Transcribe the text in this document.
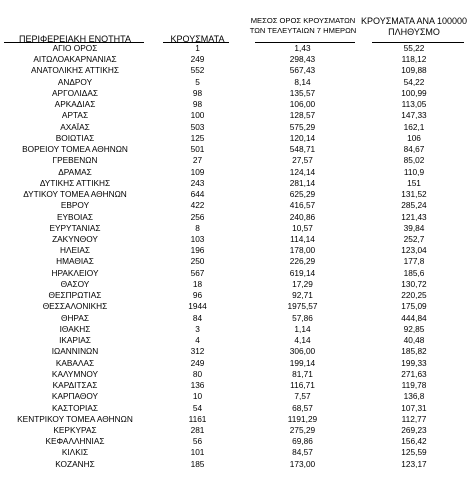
ΠΕΡΙΦΕΡΕΙΑΚΗ ΕΝΟΤΗΤΑ	ΚΡΟΥΣΜΑΤΑ
ΜΕΣΟΣ ΟΡΟΣ ΚΡΟΥΣΜΑΤΩΝ
ΤΩΝ ΤΕΛΕΥΤΑΙΩΝ 7 ΗΜΕΡΩΝ
ΚΡΟΥΣΜΑΤΑ ΑΝΑ 100000
ΠΛΗΘΥΣΜΟ
ΑΓΙΟ ΟΡΟΣ	1	1,43	55,22
ΑΙΤΩΛΟΑΚΑΡΝΑΝΙΑΣ	249	298,43	118,12
ΑΝΑΤΟΛΙΚΗΣ ΑΤΤΙΚΗΣ	552	567,43	109,88
ΑΝΔΡΟΥ	5	8,14	54,22
ΑΡΓΟΛΙΔΑΣ	98	135,57	100,99
ΑΡΚΑΔΙΑΣ	98	106,00	113,05
ΑΡΤΑΣ	100	128,57	147,33
ΑΧΑΪΑΣ	503	575,29	162,1
ΒΟΙΩΤΙΑΣ	125	120,14	106
ΒΟΡΕΙΟΥ ΤΟΜΕΑ ΑΘΗΝΩΝ	501	548,71	84,67
ΓΡΕΒΕΝΩΝ	27	27,57	85,02
ΔΡΑΜΑΣ	109	124,14	110,9
ΔΥΤΙΚΗΣ ΑΤΤΙΚΗΣ	243	281,14	151
ΔΥΤΙΚΟΥ ΤΟΜΕΑ ΑΘΗΝΩΝ	644	625,29	131,52
ΕΒΡΟΥ	422	416,57	285,24
ΕΥΒΟΙΑΣ	256	240,86	121,43
ΕΥΡΥΤΑΝΙΑΣ	8	10,57	39,84
ΖΑΚΥΝΘΟΥ	103	114,14	252,7
ΗΛΕΙΑΣ	196	178,00	123,04
ΗΜΑΘΙΑΣ	250	226,29	177,8
ΗΡΑΚΛΕΙΟΥ	567	619,14	185,6
ΘΑΣΟΥ	18	17,29	130,72
ΘΕΣΠΡΩΤΙΑΣ	96	92,71	220,25
ΘΕΣΣΑΛΟΝΙΚΗΣ	1944	1975,57	175,09
ΘΗΡΑΣ	84	57,86	444,84
ΙΘΑΚΗΣ	3	1,14	92,85
ΙΚΑΡΙΑΣ	4	4,14	40,48
ΙΩΑΝΝΙΝΩΝ	312	306,00	185,82
ΚΑΒΑΛΑΣ	249	199,14	199,33
ΚΑΛΥΜΝΟΥ	80	81,71	271,63
ΚΑΡΔΙΤΣΑΣ	136	116,71	119,78
ΚΑΡΠΑΘΟΥ	10	7,57	136,8
ΚΑΣΤΟΡΙΑΣ	54	68,57	107,31
ΚΕΝΤΡΙΚΟΥ ΤΟΜΕΑ ΑΘΗΝΩΝ	1161	1191,29	112,77
ΚΕΡΚΥΡΑΣ	281	275,29	269,23
ΚΕΦΑΛΛΗΝΙΑΣ	56	69,86	156,42
ΚΙΛΚΙΣ	101	84,57	125,59
ΚΟΖΑΝΗΣ	185	173,00	123,17
